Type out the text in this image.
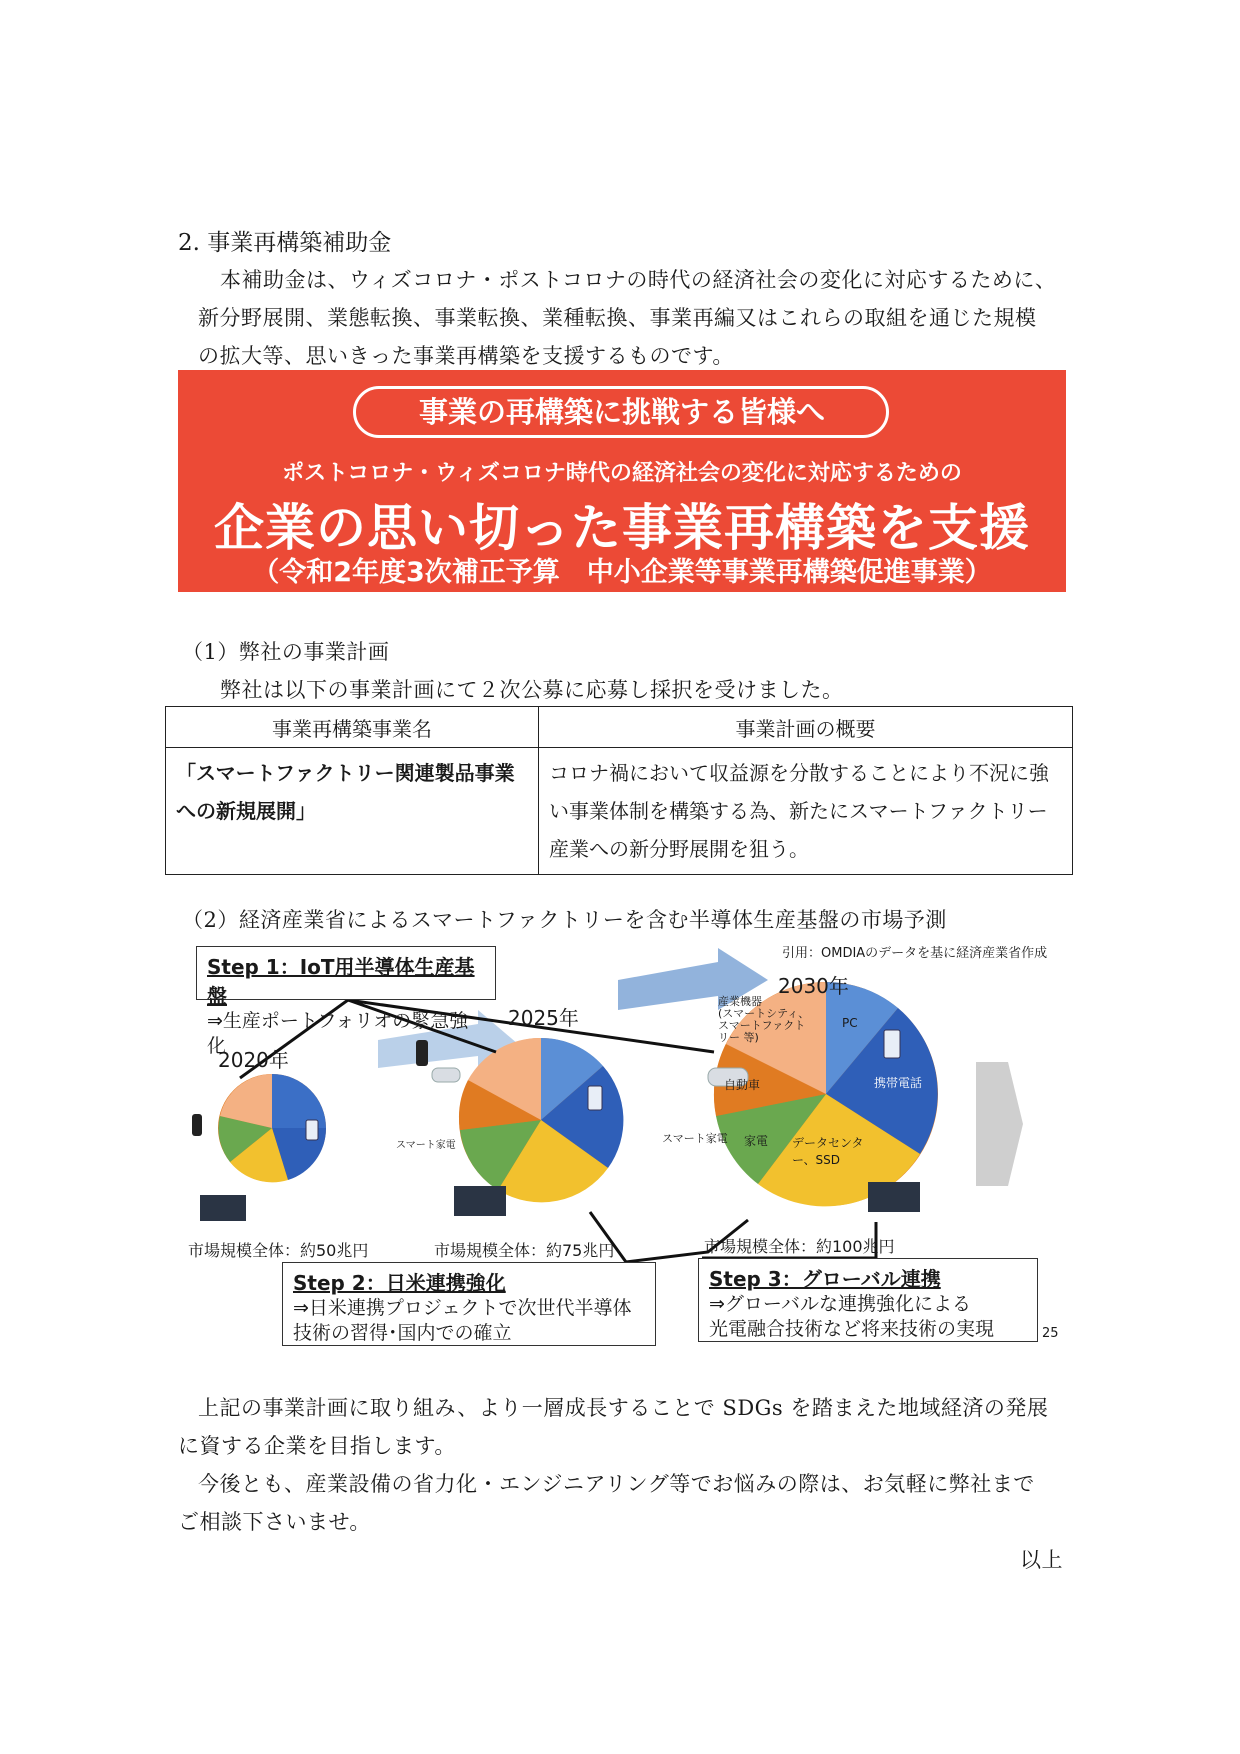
2. 事業再構築補助金
本補助金は、ウィズコロナ・ポストコロナの時代の経済社会の変化に対応するために、
新分野展開、業態転換、事業転換、業種転換、事業再編又はこれらの取組を通じた規模
の拡大等、思いきった事業再構築を支援するものです。
事業の再構築に挑戦する皆様へ
ポストコロナ・ウィズコロナ時代の経済社会の変化に対応するための
企業の思い切った事業再構築を支援
（令和2年度3次補正予算　中小企業等事業再構築促進事業）
（1）弊社の事業計画
弊社は以下の事業計画にて２次公募に応募し採択を受けました。
事業再構築事業名	事業計画の概要
「スマートファクトリー関連製品事業への新規展開」	コロナ禍において収益源を分散することにより不況に強い事業体制を構築する為、新たにスマートファクトリー産業への新分野展開を狙う。
（2）経済産業省によるスマートファクトリーを含む半導体生産基盤の市場予測
引用：OMDIAのデータを基に経済産業省作成
2020年
2025年
2030年
市場規模全体：約50兆円	市場規模全体：約75兆円	市場規模全体：約100兆円
産業機器
(スマートシティ、スマートファクトリー 等)
PC
携帯電話
自動車
家電 データセンター、SSD
スマート家電
スマート家電
Step 1：IoT用半導体生産基盤
⇒生産ポートフォリオの緊急強化
Step 2：日米連携強化
⇒日米連携プロジェクトで次世代半導体
技術の習得･国内での確立
Step 3：グローバル連携
⇒グローバルな連携強化による
光電融合技術など将来技術の実現	25
上記の事業計画に取り組み、より一層成長することで SDGs を踏まえた地域経済の発展
に資する企業を目指します。
今後とも、産業設備の省力化・エンジニアリング等でお悩みの際は、お気軽に弊社まで
ご相談下さいませ。
以上
